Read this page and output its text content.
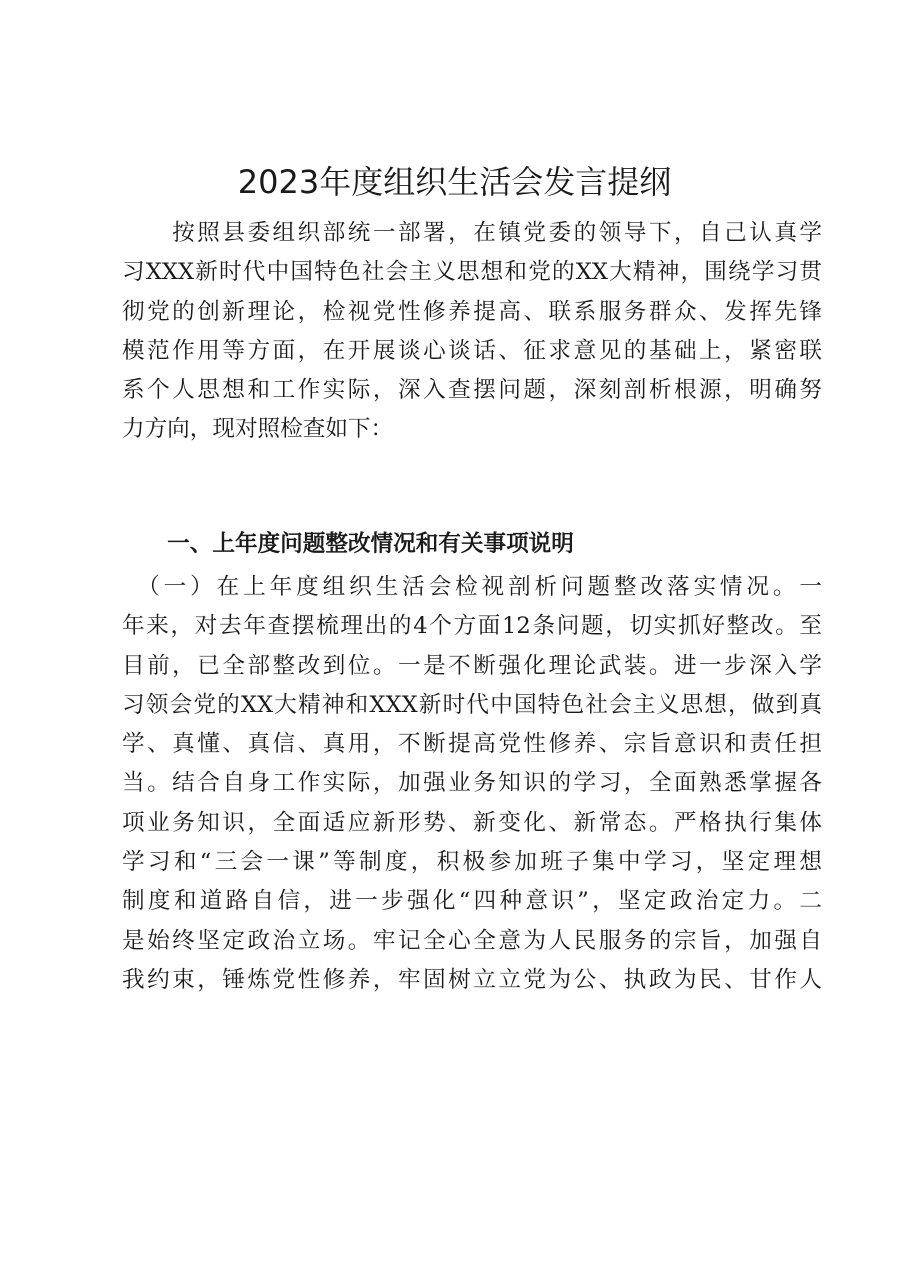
2023年度组织生活会发言提纲
　　按照县委组织部统一部署，在镇党委的领导下，自己认真学
习XXX新时代中国特色社会主义思想和党的XX大精神，围绕学习贯
彻党的创新理论，检视党性修养提高、联系服务群众、发挥先锋
模范作用等方面，在开展谈心谈话、征求意见的基础上，紧密联
系个人思想和工作实际，深入查摆问题，深刻剖析根源，明确努
力方向，现对照检查如下：
　　一、上年度问题整改情况和有关事项说明
　（一）在上年度组织生活会检视剖析问题整改落实情况。一
年来，对去年查摆梳理出的4个方面12条问题，切实抓好整改。至
目前，已全部整改到位。一是不断强化理论武装。进一步深入学
习领会党的XX大精神和XXX新时代中国特色社会主义思想，做到真
学、真懂、真信、真用，不断提高党性修养、宗旨意识和责任担
当。结合自身工作实际，加强业务知识的学习，全面熟悉掌握各
项业务知识，全面适应新形势、新变化、新常态。严格执行集体
学习和“三会一课”等制度，积极参加班子集中学习，坚定理想
制度和道路自信，进一步强化“四种意识”，坚定政治定力。二
是始终坚定政治立场。牢记全心全意为人民服务的宗旨，加强自
我约束，锤炼党性修养，牢固树立立党为公、执政为民、甘作人
